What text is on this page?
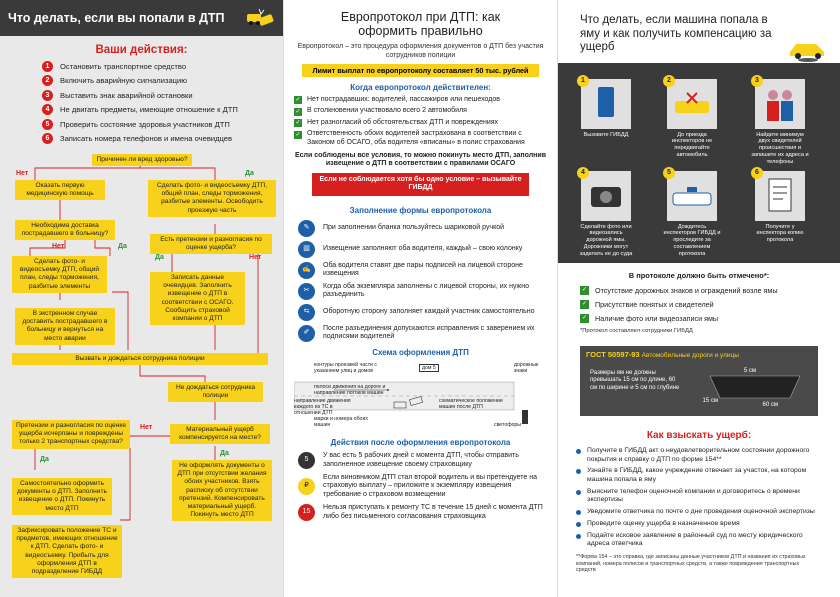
Что делать, если вы попали в ДТП
Ваши действия:
1	Остановить транспортное средство
2	Включить аварийную сигнализацию
3	Выставить знак аварийной остановки
4	Не двигать предметы, имеющие отношение к ДТП
5	Проверить состояние здоровья участников ДТП
6	Записать номера телефонов и имена очевидцев
Причинен ли вред здоровью?
Нет	Да
Оказать первую медицинскую помощь
Сделать фото- и видеосъемку ДТП, общий план, следы торможения, разбитые элементы. Освободить проезжую часть
Необходима доставка пострадавшего в больницу?
Есть претензии и разногласия по оценке ущерба?
Нет	Да
Да	Нет
Сделать фото- и видеосъемку ДТП, общий план, следы торможения, разбитые элементы
Записать данные очевидцев. Заполнить извещение о ДТП в соответствии с ОСАГО. Сообщить страховой компании о ДТП
В экстренном случае доставить пострадавшего в больницу и вернуться на место аварии
Вызвать и дождаться сотрудника полиции
Не дождаться сотрудника полиции
Претензии и разногласия по оценке ущерба исчерпаны и повреждены только 2 транспортных средства?
Материальный ущерб компенсируется на месте?
Нет
Да
Да
Самостоятельно оформить документы о ДТП. Заполнить извещение о ДТП. Покинуть место ДТП
Не оформлять документы о ДТП при отсутствии желания обоих участников. Взять расписку об отсутствии претензий. Компенсировать материальный ущерб. Покинуть место ДТП
Зафиксировать положение ТС и предметов, имеющих отношение к ДТП. Сделать фото- и видеосъемку. Прибыть для оформления ДТП в подразделение ГИБДД
Европротокол при ДТП: как оформить правильно
Европротокол – это процедура оформления документов о ДТП без участия сотрудников полиции
Лимит выплат по европротоколу составляет 50 тыс. рублей
Когда европротокол действителен:
✓ Нет пострадавших: водителей, пассажиров или пешеходов
✓ В столкновении участвовало всего 2 автомобиля
✓ Нет разногласий об обстоятельствах ДТП и повреждениях
✓ Ответственность обоих водителей застрахована в соответствии с Законом об ОСАГО, оба водителя «вписаны» в полис страхования
Если соблюдены все условия, то можно покинуть место ДТП, заполнив извещение о ДТП в соответствии с правилами ОСАГО
Если не соблюдается хотя бы одно условие – вызывайте ГИБДД
Заполнение формы европротокола
✎	При заполнении бланка пользуйтесь шариковой ручкой
▥	Извещение заполняют оба водителя, каждый – свою колонку
✍
Оба водителя ставят две пары подписей на лицевой стороне извещения
✂
Когда оба экземпляра заполнены с лицевой стороны, их нужно разъединить
⇆	Оборотную сторону заполняет каждый участник самостоятельно
✐
После разъединения допускаются исправления с заверением их подписями водителей
Схема оформления ДТП
контуры проезжей части с указанием улиц и домов	дом 5	дорожные знаки
полоси движения на дороге и направление потоков машин
направление движения каждого из ТС в отношении ДТП
схематическое положение машин после ДТП
марки и номера обоих машин	светофоры
Действия после оформления европротокола
5
У вас есть 5 рабочих дней с момента ДТП, чтобы отправить заполненное извещение своему страховщику
₽
Если виновником ДТП стал второй водитель и вы претендуете на страховую выплату – приложите к экземпляру извещения требование о страховом возмещении
15
Нельзя приступать к ремонту ТС в течение 15 дней с момента ДТП либо без письменного согласования страховщика
Что делать, если машина попала в яму и как получить компенсацию за ущерб
1
Вызовите ГИБДД
2
До приезда инспекторов не передвигайте автомобиль
3
Найдите минимум двух свидетелей происшествия и запишите их адреса и телефоны
4
Сделайте фото или видеозапись дорожной ямы. Дорожники могут заделать ее до суда
5
Дождитесь инспекторов ГИБДД и проследите за составлением протокола
6
Получите у инспектора копию протокола
В протоколе должно быть отмечено*:
✓ Отсутствие дорожных знаков и ограждений возле ямы
✓ Присутствие понятых и свидетелей
✓ Наличие фото или видеозаписи ямы
*Протокол составляют сотрудники ГИБДД
ГОСТ 50597-93 Автомобильные дороги и улицы
Размеры ям не должны превышать 15 см по длине, 60 см по ширине и 5 см по глубине
5 см
15 см
60 см
Как взыскать ущерб:
Получите в ГИБДД акт о неудовлетворительном состоянии дорожного покрытия и справку о ДТП по форме 154**
Узнайте в ГИБДД, какое учреждение отвечает за участок, на котором машина попала в яму
Выясните телефон оценочной компании и договоритесь о времени экспертизы
Уведомите ответчика по почте о дне проведения оценочной экспертизы
Проведите оценку ущерба в назначенное время
Подайте исковое заявление в районный суд по месту юридического адреса ответчика
**Форма 154 – это справка, где записаны данные участников ДТП и названия их страховых компаний, номера полисов и транспортных средств, а также повреждения транспортных средств
